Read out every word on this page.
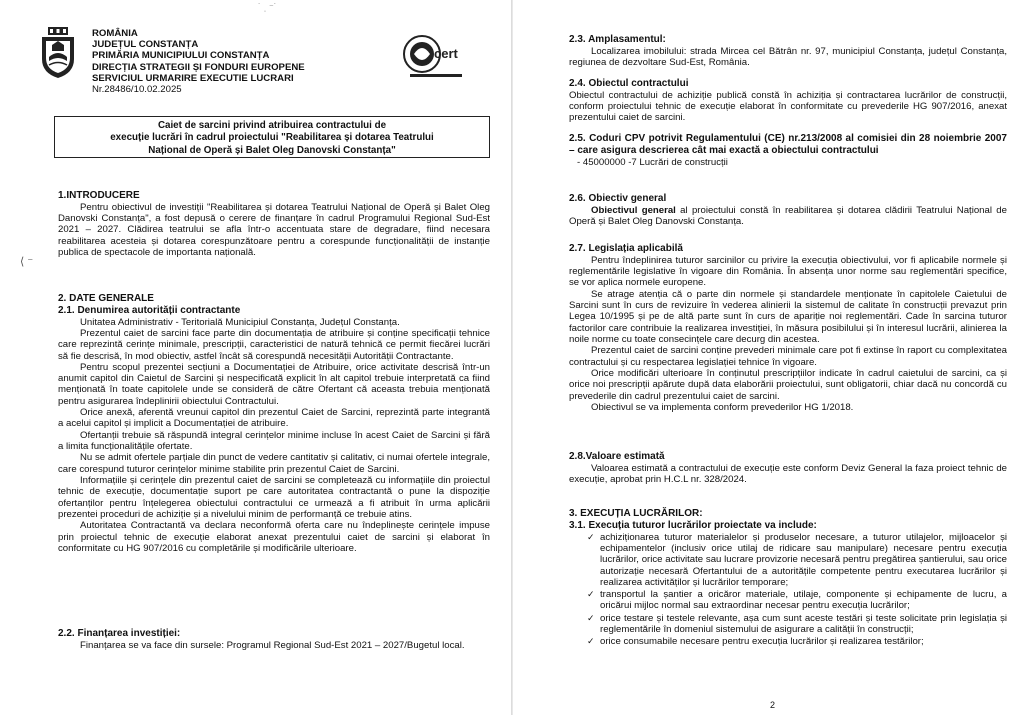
ROMÂNIA
JUDEȚUL CONSTANȚA
PRIMĂRIA MUNICIPIULUI CONSTANȚA
DIRECȚIA STRATEGII ȘI FONDURI EUROPENE
SERVICIUL URMARIRE EXECUTIE LUCRARI
Nr.28486/10.02.2025
cert
Caiet de sarcini privind atribuirea contractului de
execuție lucrări în cadrul proiectului "Reabilitarea și dotarea Teatrului
Național de Operă și Balet Oleg Danovski Constanța"
1.INTRODUCERE
Pentru obiectivul de investiții "Reabilitarea și dotarea Teatrului Național de Operă și Balet Oleg Danovski Constanța", a fost depusă o cerere de finanțare în cadrul Programului Regional Sud-Est 2021 – 2027. Clădirea teatrului se afla într-o accentuata stare de degradare, fiind necesara reabilitarea acesteia și dotarea corespunzătoare pentru a corespunde funcționalității de instanție publica de spectacole de importanta națională.
⟨ ⁻
2. DATE GENERALE
2.1. Denumirea autorității contractante
Unitatea Administrativ - Teritorială Municipiul Constanța, Județul Constanța.
Prezentul caiet de sarcini face parte din documentația de atribuire și conține specificații tehnice care reprezintă cerințe minimale, prescripții, caracteristici de natură tehnică ce permit fiecărei lucrări să fie descrisă, în mod obiectiv, astfel încât să corespundă necesității Autorității Contractante.
Pentru scopul prezentei secțiuni a Documentației de Atribuire, orice activitate descrisă într-un anumit capitol din Caietul de Sarcini și nespecificată explicit în alt capitol trebuie interpretată ca fiind menționată în toate capitolele unde se consideră de către Ofertant că aceasta trebuia menționată pentru asigurarea îndeplinirii obiectului Contractului.
Orice anexă, aferentă vreunui capitol din prezentul Caiet de Sarcini, reprezintă parte integrantă a acelui capitol și implicit a Documentației de atribuire.
Ofertanții trebuie să răspundă integral cerințelor minime incluse în acest Caiet de Sarcini și fără a limita funcționalitățile ofertate.
Nu se admit ofertele parțiale din punct de vedere cantitativ și calitativ, ci numai ofertele integrale, care corespund tuturor cerințelor minime stabilite prin prezentul Caiet de Sarcini.
Informațiile și cerințele din prezentul caiet de sarcini se completează cu informațiile din proiectul tehnic de execuție, documentație suport pe care autoritatea contractantă o pune la dispoziție ofertanților pentru înțelegerea obiectului contractului ce urmează a fi atribuit în urma aplicării prezentei proceduri de achiziție și a nivelului minim de performanță ce trebuie atins.
Autoritatea Contractantă va declara neconformă oferta care nu îndeplinește cerințele impuse prin proiectul tehnic de execuție elaborat anexat prezentului caiet de sarcini și elaborat în conformitate cu HG 907/2016 cu completările și modificările ulterioare.
2.2. Finanțarea investiției:
Finanțarea se va face din sursele: Programul Regional Sud-Est 2021 – 2027/Bugetul local.
˙ ˌ ⁻˙
2.3. Amplasamentul:
Localizarea imobilului: strada Mircea cel Bătrân nr. 97, municipiul Constanța, județul Constanța, regiunea de dezvoltare Sud-Est, România.
2.4. Obiectul contractului
Obiectul contractului de achiziție publică constă în achiziția și contractarea lucrărilor de construcții, conform proiectului tehnic de execuție elaborat în conformitate cu prevederile HG 907/2016, anexat prezentului caiet de sarcini.
2.5. Coduri CPV potrivit Regulamentului (CE) nr.213/2008 al comisiei din 28 noiembrie 2007 – care asigura descrierea cât mai exactă a obiectului contractului
- 45000000 -7 Lucrări de construcții
2.6. Obiectiv general
Obiectivul general al proiectului constă în reabilitarea și dotarea clădirii Teatrului Național de Operă și Balet Oleg Danovski Constanța.
2.7. Legislația aplicabilă
Pentru îndeplinirea tuturor sarcinilor cu privire la execuția obiectivului, vor fi aplicabile normele și reglementările legislative în vigoare din România. În absența unor norme sau reglementări specifice, se vor aplica normele europene.
Se atrage atenția că o parte din normele și standardele menționate în capitolele Caietului de Sarcini sunt în curs de revizuire în vederea alinierii la sistemul de calitate în construcții prevazut prin Legea 10/1995 și pe de altă parte sunt în curs de apariție noi reglementări. Cade în sarcina tuturor factorilor care contribuie la realizarea investiției, în măsura posibilului și în interesul lucrării, alinierea la noile norme cu toate consecințele care decurg din acestea.
Prezentul caiet de sarcini conține prevederi minimale care pot fi extinse în raport cu complexitatea contractului și cu respectarea legislației tehnice în vigoare.
Orice modificări ulterioare în conținutul prescripțiilor indicate în cadrul caietului de sarcini, ca și orice noi prescripții apărute după data elaborării proiectului, sunt obligatorii, chiar dacă nu concordă cu prevederile din cadrul prezentului caiet de sarcini.
Obiectivul se va implementa conform prevederilor HG 1/2018.
2.8.Valoare estimată
Valoarea estimată a contractului de execuție este conform Deviz General la faza proiect tehnic de execuție, aprobat prin H.C.L nr. 328/2024.
3. EXECUȚIA LUCRĂRILOR:
3.1. Execuția tuturor lucrărilor proiectate va include:
✓ achiziționarea tuturor materialelor și produselor necesare, a tuturor utilajelor, mijloacelor și echipamentelor (inclusiv orice utilaj de ridicare sau manipulare) necesare pentru execuția lucrărilor, orice activitate sau lucrare provizorie necesară pentru pregătirea șantierului, sau orice autorizație necesară Ofertantului de a autoritățile competente pentru executarea lucrărilor și realizarea activităților și lucrărilor temporare;
✓ transportul la șantier a oricăror materiale, utilaje, componente și echipamente de lucru, a oricărui mijloc normal sau extraordinar necesar pentru execuția lucrărilor;
✓ orice testare și testele relevante, așa cum sunt aceste testări și teste solicitate prin legislația și reglementările în domeniul sistemului de asigurare a calității în construcții;
✓ orice consumabile necesare pentru execuția lucrărilor și realizarea testărilor;
2
